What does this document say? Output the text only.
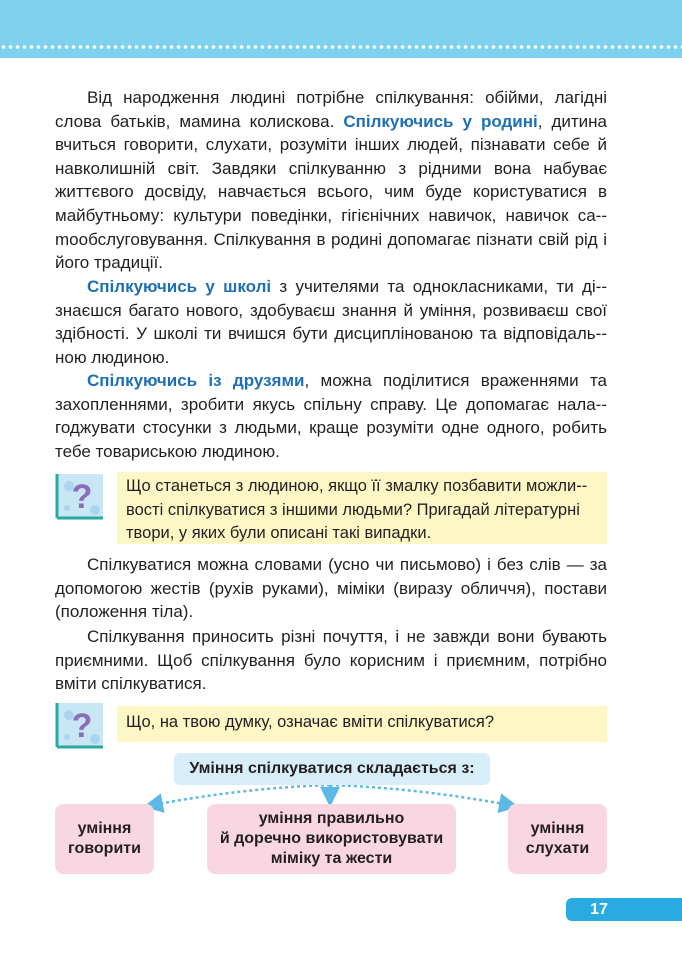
Від народження людині потрібне спілкування: обійми, лагідні слова батьків, мамина колискова. Спілкуючись у родині, дитина вчиться говорити, слухати, розуміти інших людей, пізнавати себе й навколишній світ. Завдяки спілкуванню з рідними вона набуває життєвого досвіду, навчається всього, чим буде користуватися в майбутньому: культури поведінки, гігієнічних навичок, навичок са-mообслуговування. Спілкування в родині допомагає пізнати свій рід і його традиції.

Спілкуючись у школі з учителями та однокласниками, ти ді-знаєшся багато нового, здобуваєш знання й уміння, розвиваєш свої здібності. У школі ти вчишся бути дисциплінованою та відповідаль-ною людиною.

Спілкуючись із друзями, можна поділитися враженнями та захопленнями, зробити якусь спільну справу. Це допомагає нала-годжувати стосунки з людьми, краще розуміти одне одного, робить тебе товариською людиною.

?	Що станеться з людиною, якщо її змалку позбавити можли-вості спілкуватися з іншими людьми? Пригадай літературні твори, у яких були описані такі випадки.

Спілкуватися можна словами (усно чи письмово) і без слів — за допомогою жестів (рухів руками), міміки (виразу обличчя), постави (положення тіла).

Спілкування приносить різні почуття, і не завжди вони бувають приємними. Щоб спілкування було корисним і приємним, потрібно вміти спілкуватися.

?	Що, на твою думку, означає вміти спілкуватися?
Уміння спілкуватися складається з:
уміння
говорити
уміння правильно
й доречно використовувати
міміку та жести
уміння
слухати
17
